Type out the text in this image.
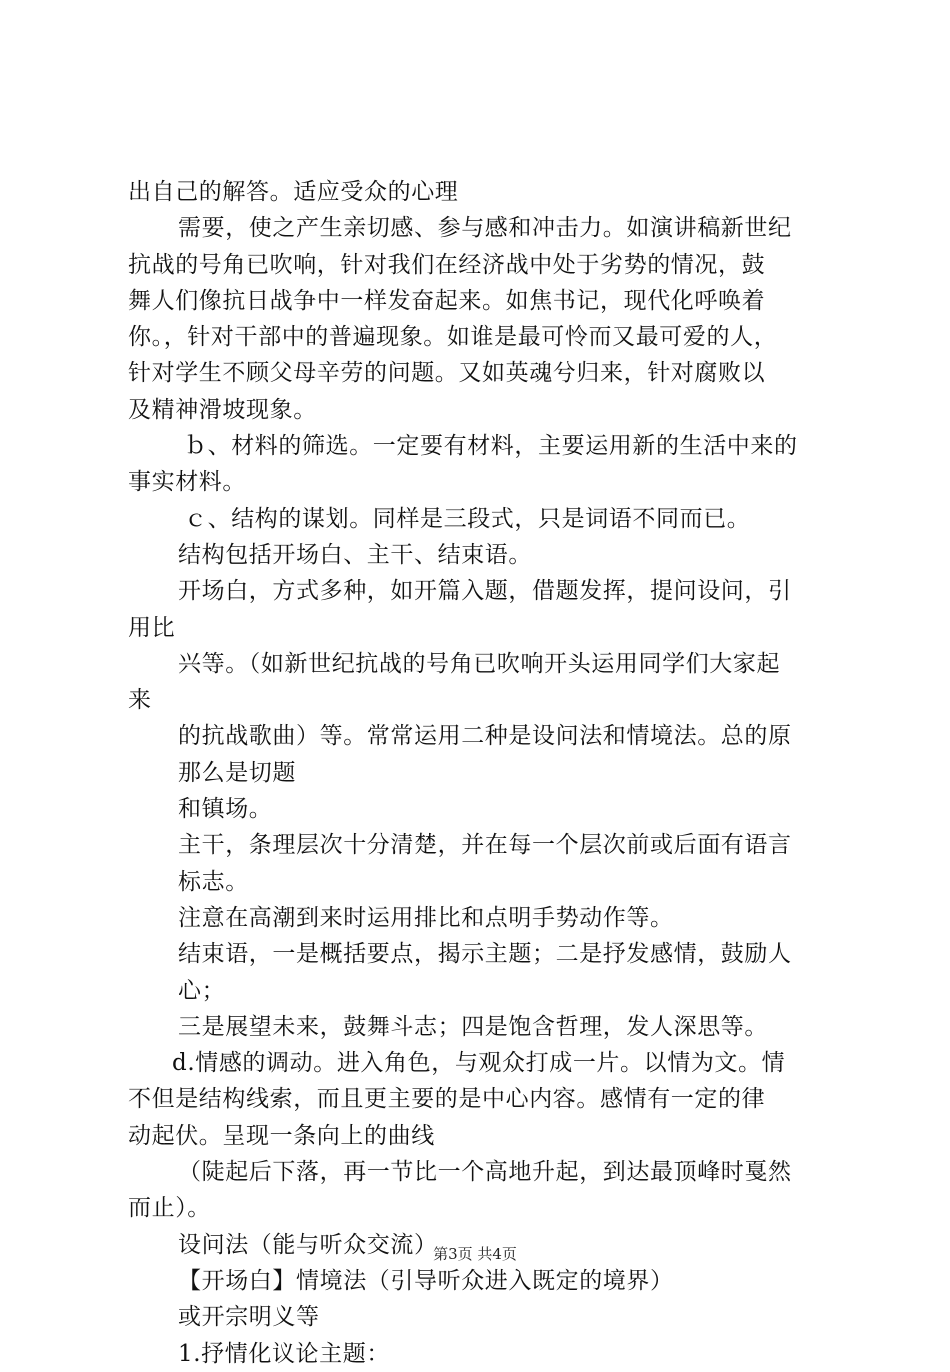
出自己的解答。适应受众的心理
需要，使之产生亲切感、参与感和冲击力。如演讲稿新世纪
抗战的号角已吹响，针对我们在经济战中处于劣势的情况，鼓
舞人们像抗日战争中一样发奋起来。如焦书记，现代化呼唤着
你。，针对干部中的普遍现象。如谁是最可怜而又最可爱的人，
针对学生不顾父母辛劳的问题。又如英魂兮归来，针对腐败以
及精神滑坡现象。
ｂ、材料的筛选。一定要有材料，主要运用新的生活中来的
事实材料。
ｃ、结构的谋划。同样是三段式，只是词语不同而已。
结构包括开场白、主干、结束语。
开场白，方式多种，如开篇入题，借题发挥，提问设问，引
用比
兴等。（如新世纪抗战的号角已吹响开头运用同学们大家起
来
的抗战歌曲）等。常常运用二种是设问法和情境法。总的原
那么是切题
和镇场。
主干，条理层次十分清楚，并在每一个层次前或后面有语言
标志。
注意在高潮到来时运用排比和点明手势动作等。
结束语，一是概括要点，揭示主题；二是抒发感情，鼓励人
心；
三是展望未来，鼓舞斗志；四是饱含哲理，发人深思等。
d.情感的调动。进入角色，与观众打成一片。以情为文。情
不但是结构线索，而且更主要的是中心内容。感情有一定的律
动起伏。呈现一条向上的曲线
（陡起后下落，再一节比一个高地升起，到达最顶峰时戛然
而止）。
设问法（能与听众交流）
【开场白】情境法（引导听众进入既定的境界）
或开宗明义等
1.抒情化议论主题：
第3页 共4页
